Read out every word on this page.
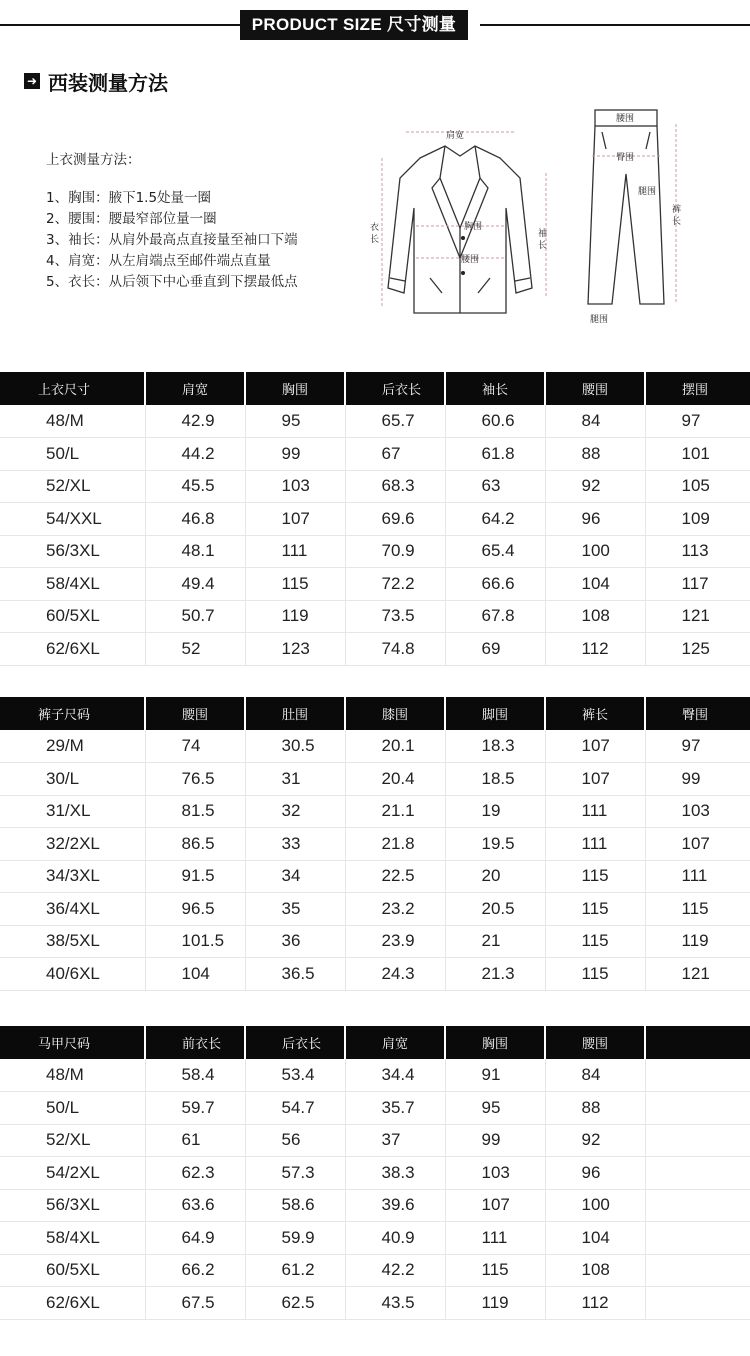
PRODUCT SIZE 尺寸测量
➜ 西装测量方法
上衣测量方法：
1、胸围：腋下1.5处量一圈
2、腰围：腰最窄部位量一圈
3、袖长：从肩外最高点直接量至袖口下端
4、肩宽：从左肩端点至邮件端点直量
5、衣长：从后领下中心垂直到下摆最低点
肩宽
衣
长
胸围
袖
长
腰围
腰围
臀围
腿围
裤
长
腿围
上衣尺寸	肩宽	胸围	后衣长	袖长	腰围	摆围
48/M	42.9	95	65.7	60.6	84	97
50/L	44.2	99	67	61.8	88	101
52/XL	45.5	103	68.3	63	92	105
54/XXL	46.8	107	69.6	64.2	96	109
56/3XL	48.1	111	70.9	65.4	100	113
58/4XL	49.4	115	72.2	66.6	104	117
60/5XL	50.7	119	73.5	67.8	108	121
62/6XL	52	123	74.8	69	112	125
裤子尺码	腰围	肚围	膝围	脚围	裤长	臀围
29/M	74	30.5	20.1	18.3	107	97
30/L	76.5	31	20.4	18.5	107	99
31/XL	81.5	32	21.1	19	111	103
32/2XL	86.5	33	21.8	19.5	111	107
34/3XL	91.5	34	22.5	20	115	111
36/4XL	96.5	35	23.2	20.5	115	115
38/5XL	101.5	36	23.9	21	115	119
40/6XL	104	36.5	24.3	21.3	115	121
马甲尺码	前衣长	后衣长	肩宽	胸围	腰围	
48/M	58.4	53.4	34.4	91	84	
50/L	59.7	54.7	35.7	95	88	
52/XL	61	56	37	99	92	
54/2XL	62.3	57.3	38.3	103	96	
56/3XL	63.6	58.6	39.6	107	100	
58/4XL	64.9	59.9	40.9	111	104	
60/5XL	66.2	61.2	42.2	115	108	
62/6XL	67.5	62.5	43.5	119	112	
